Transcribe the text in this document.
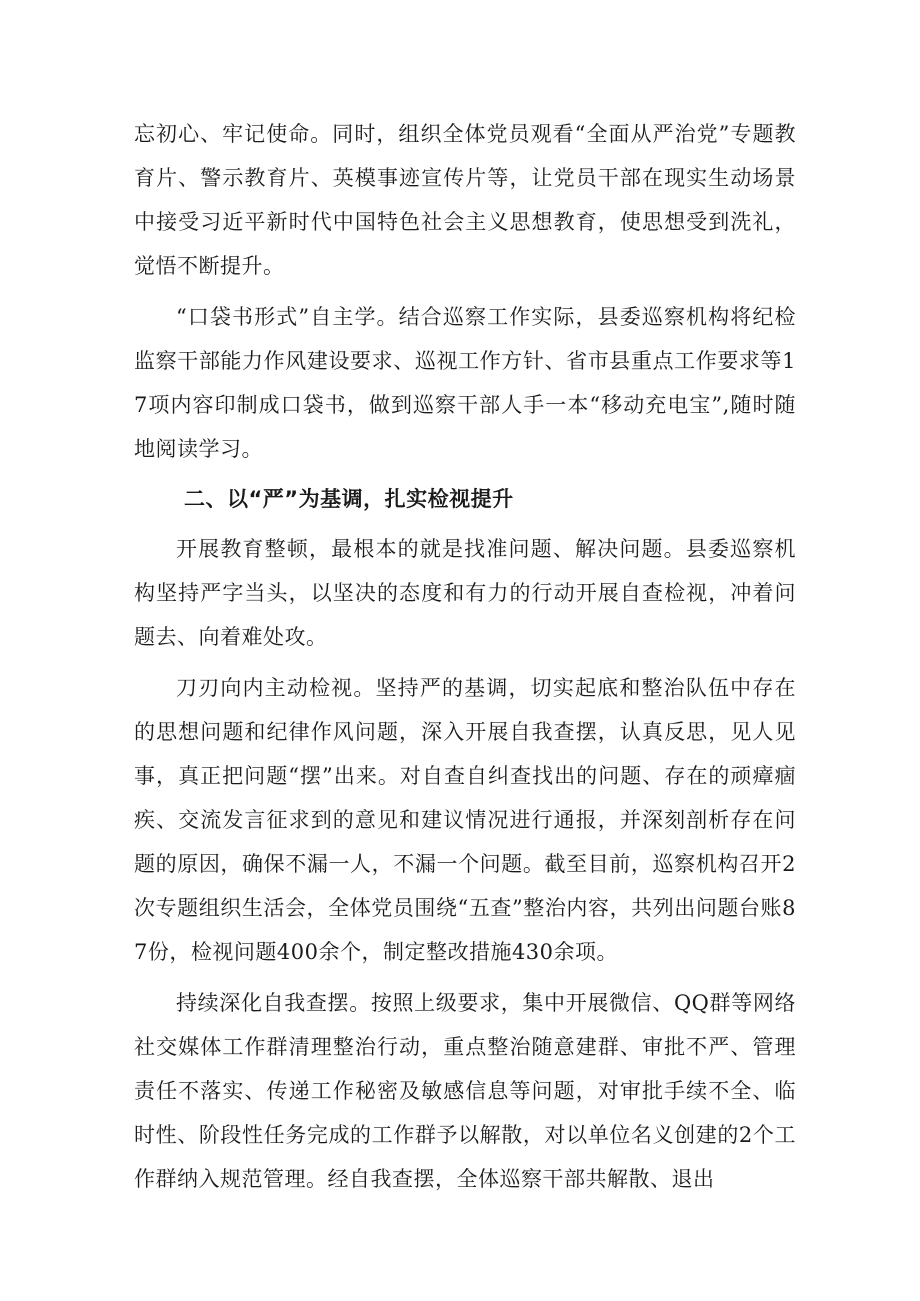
忘初心、牢记使命。同时，组织全体党员观看“全面从严治党”专题教育片、警示教育片、英模事迹宣传片等，让党员干部在现实生动场景中接受习近平新时代中国特色社会主义思想教育，使思想受到洗礼，觉悟不断提升。

“口袋书形式”自主学。结合巡察工作实际，县委巡察机构将纪检监察干部能力作风建设要求、巡视工作方针、省市县重点工作要求等17项内容印制成口袋书，做到巡察干部人手一本“移动充电宝”,随时随地阅读学习。

二、以“严”为基调，扎实检视提升

开展教育整顿，最根本的就是找准问题、解决问题。县委巡察机构坚持严字当头，以坚决的态度和有力的行动开展自查检视，冲着问题去、向着难处攻。

刀刃向内主动检视。坚持严的基调，切实起底和整治队伍中存在的思想问题和纪律作风问题，深入开展自我查摆，认真反思，见人见事，真正把问题“摆”出来。对自查自纠查找出的问题、存在的顽瘴痼疾、交流发言征求到的意见和建议情况进行通报，并深刻剖析存在问题的原因，确保不漏一人，不漏一个问题。截至目前，巡察机构召开2次专题组织生活会，全体党员围绕“五查”整治内容，共列出问题台账87份，检视问题400余个，制定整改措施430余项。

持续深化自我查摆。按照上级要求，集中开展微信、QQ群等网络社交媒体工作群清理整治行动，重点整治随意建群、审批不严、管理责任不落实、传递工作秘密及敏感信息等问题，对审批手续不全、临时性、阶段性任务完成的工作群予以解散，对以单位名义创建的2个工作群纳入规范管理。经自我查摆，全体巡察干部共解散、退出
